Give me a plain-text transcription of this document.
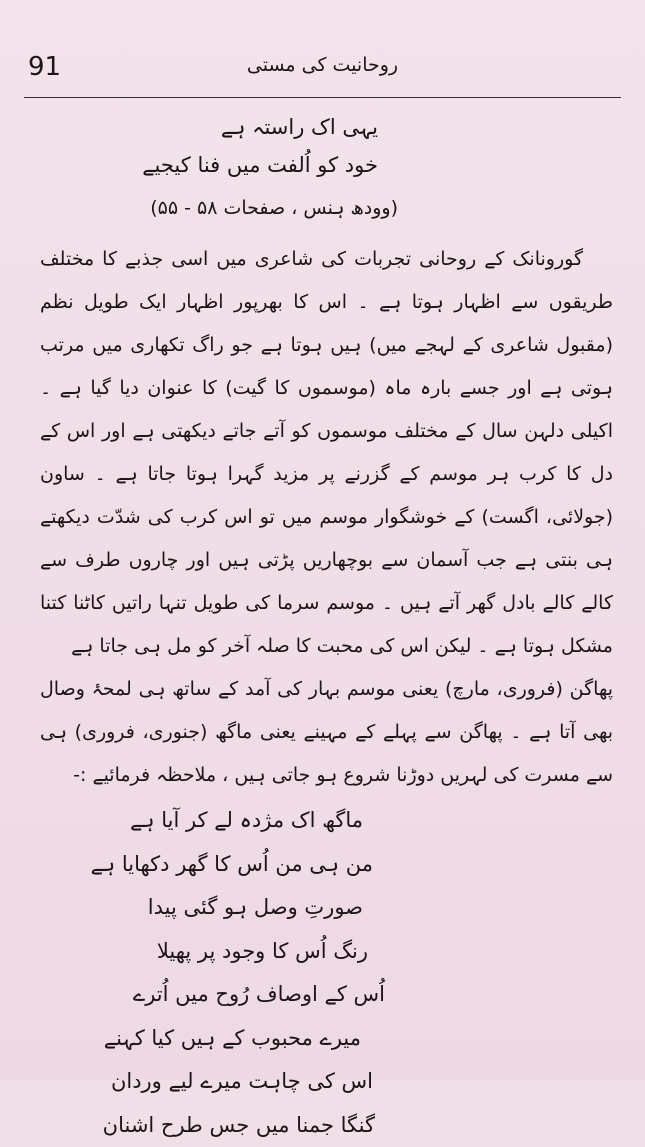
91	روحانیت کی مستی
یہی اک راستہ ہے
خود کو اُلفت میں فنا کیجیے
(وودھ ہنس ، صفحات ۵۸ - ۵۵)

گورونانک کے روحانی تجربات کی شاعری میں اسی جذبے کا مختلف طریقوں سے اظہار ہوتا ہے ۔ اس کا بھرپور اظہار ایک طویل نظم (مقبول شاعری کے لہجے میں) ہیں ہوتا ہے جو راگ تکھاری میں مرتب ہوتی ہے اور جسے بارہ ماہ (موسموں کا گیت) کا عنوان دیا گیا ہے ۔ اکیلی دلہن سال کے مختلف موسموں کو آتے جاتے دیکھتی ہے اور اس کے دل کا کرب ہر موسم کے گزرنے پر مزید گہرا ہوتا جاتا ہے ۔ ساون (جولائی، اگست) کے خوشگوار موسم میں تو اس کرب کی شدّت دیکھتے ہی بنتی ہے جب آسمان سے بوچھاریں پڑتی ہیں اور چاروں طرف سے کالے کالے بادل گھر آتے ہیں ۔ موسم سرما کی طویل تنہا راتیں کاٹنا کتنا مشکل ہوتا ہے ۔ لیکن اس کی محبت کا صلہ آخر کو مل ہی جاتا ہے

پھاگن (فروری، مارچ) یعنی موسم بہار کی آمد کے ساتھ ہی لمحۂ وصال بھی آتا ہے ۔ پھاگن سے پہلے کے مہینے یعنی ماگھ (جنوری، فروری) ہی سے مسرت کی لہریں دوڑنا شروع ہو جاتی ہیں ، ملاحظہ فرمائیے :-

ماگھ اک مژدہ لے کر آیا ہے
من ہی من اُس کا گھر دکھایا ہے
صورتِ وصل ہو گئی پیدا
رنگ اُس کا وجود پر پھیلا
اُس کے اوصاف رُوح میں اُترے
میرے محبوب کے ہیں کیا کہنے
اس کی چاہت میرے لیے وردان
گنگا جمنا میں جس طرح اشنان
